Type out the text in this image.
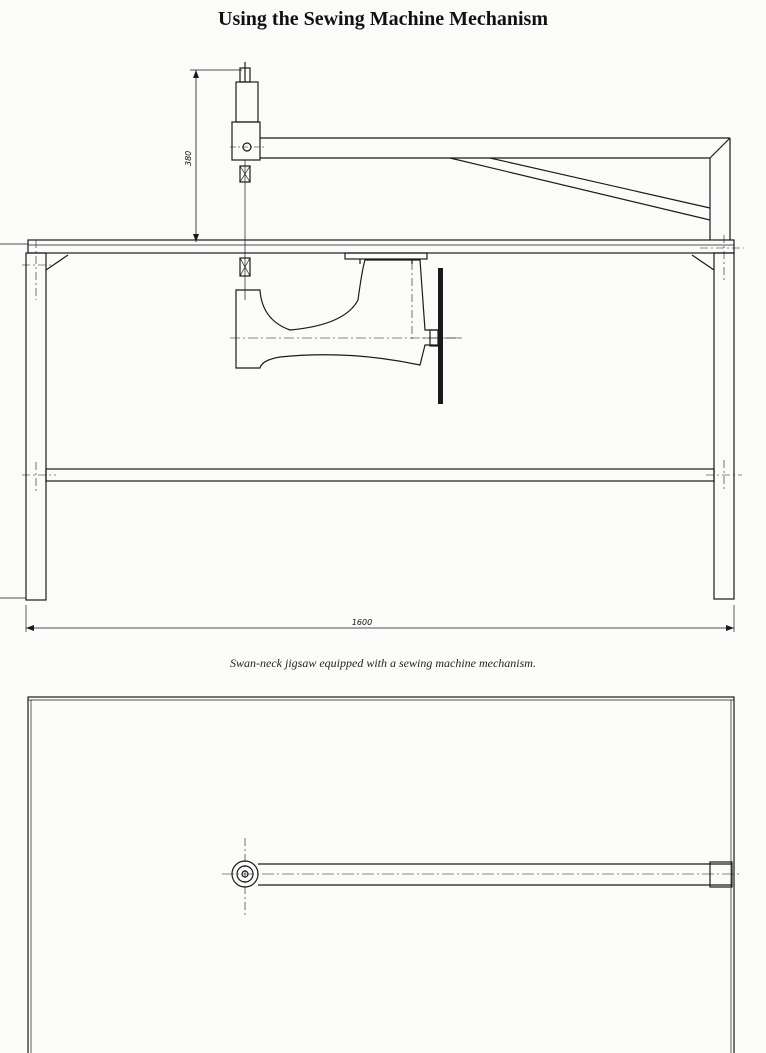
Using the Sewing Machine Mechanism
380
1600
Swan-neck jigsaw equipped with a sewing machine mechanism.
